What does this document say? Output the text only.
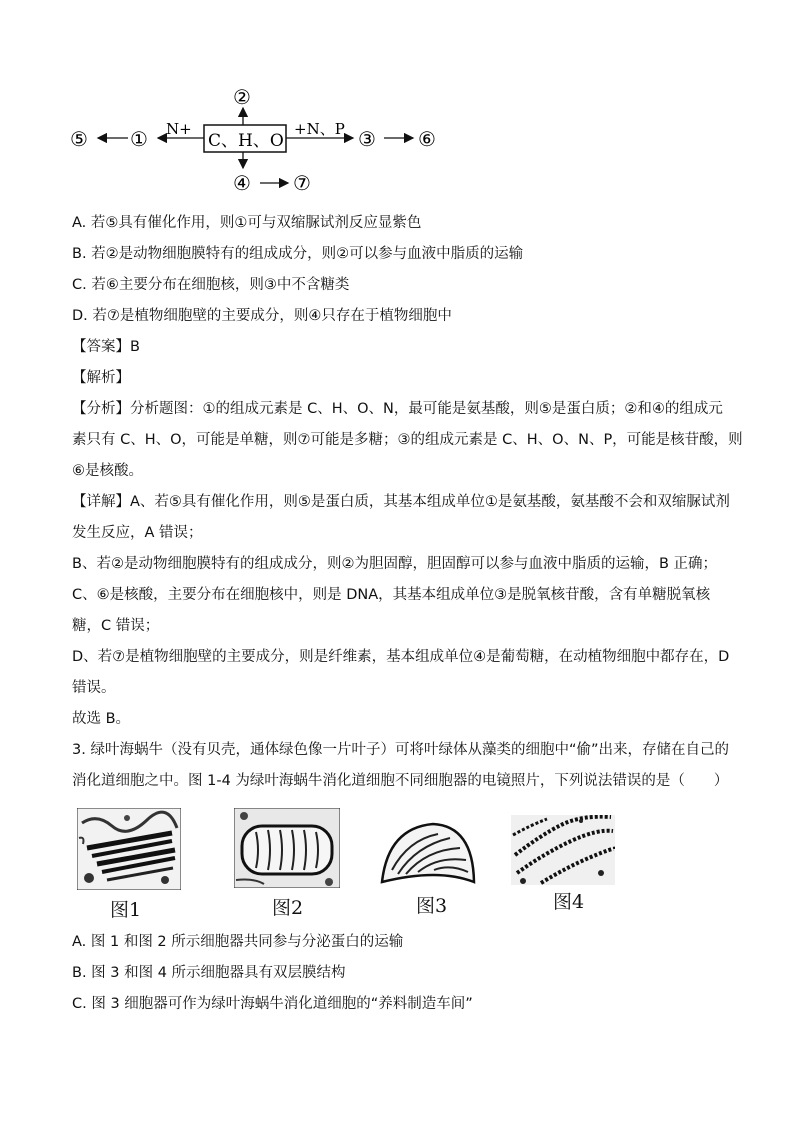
C、H、O
②
① N+
⑤	+N、P ③ ⑥
④ ⑦
A. 若⑤具有催化作用，则①可与双缩脲试剂反应显紫色
B. 若②是动物细胞膜特有的组成成分，则②可以参与血液中脂质的运输
C. 若⑥主要分布在细胞核，则③中不含糖类
D. 若⑦是植物细胞壁的主要成分，则④只存在于植物细胞中
【答案】B
【解析】
【分析】分析题图：①的组成元素是 C、H、O、N，最可能是氨基酸，则⑤是蛋白质；②和④的组成元
素只有 C、H、O，可能是单糖，则⑦可能是多糖；③的组成元素是 C、H、O、N、P，可能是核苷酸，则
⑥是核酸。
【详解】A、若⑤具有催化作用，则⑤是蛋白质，其基本组成单位①是氨基酸，氨基酸不会和双缩脲试剂
发生反应，A 错误；
B、若②是动物细胞膜特有的组成成分，则②为胆固醇，胆固醇可以参与血液中脂质的运输，B 正确；
C、⑥是核酸，主要分布在细胞核中，则是 DNA，其基本组成单位③是脱氧核苷酸，含有单糖脱氧核
糖，C 错误；
D、若⑦是植物细胞壁的主要成分，则是纤维素，基本组成单位④是葡萄糖，在动植物细胞中都存在，D
错误。
故选 B。
3. 绿叶海蜗牛（没有贝壳，通体绿色像一片叶子）可将叶绿体从藻类的细胞中“偷”出来，存储在自己的
消化道细胞之中。图 1-4 为绿叶海蜗牛消化道细胞不同细胞器的电镜照片，下列说法错误的是（　　）
图1	图2	图3	图4
A. 图 1 和图 2 所示细胞器共同参与分泌蛋白的运输
B. 图 3 和图 4 所示细胞器具有双层膜结构
C. 图 3 细胞器可作为绿叶海蜗牛消化道细胞的“养料制造车间”
